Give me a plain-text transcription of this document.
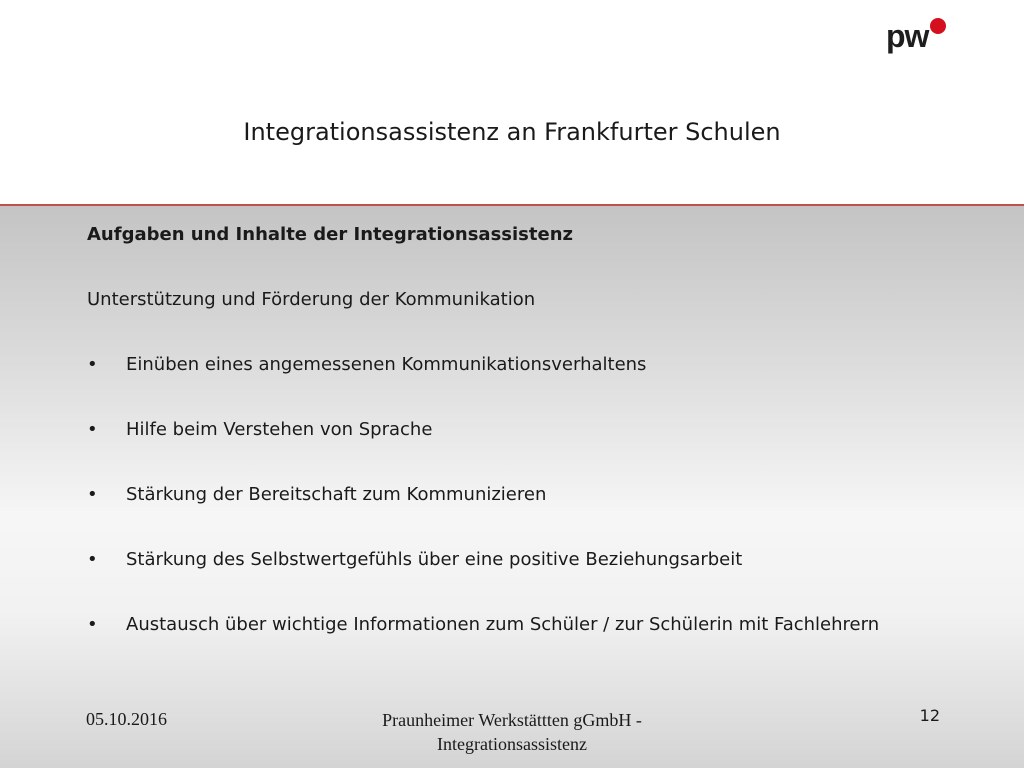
pw
Integrationsassistenz an Frankfurter Schulen
Aufgaben und Inhalte der Integrationsassistenz
Unterstützung und Förderung der Kommunikation
•	Einüben eines angemessenen Kommunikationsverhaltens
•	Hilfe beim Verstehen von Sprache
•	Stärkung der Bereitschaft zum Kommunizieren
•	Stärkung des Selbstwertgefühls über eine positive Beziehungsarbeit
•	Austausch über wichtige Informationen zum Schüler / zur Schülerin mit Fachlehrern
05.10.2016	Praunheimer Werkstättten gGmbH -
Integrationsassistenz
12
